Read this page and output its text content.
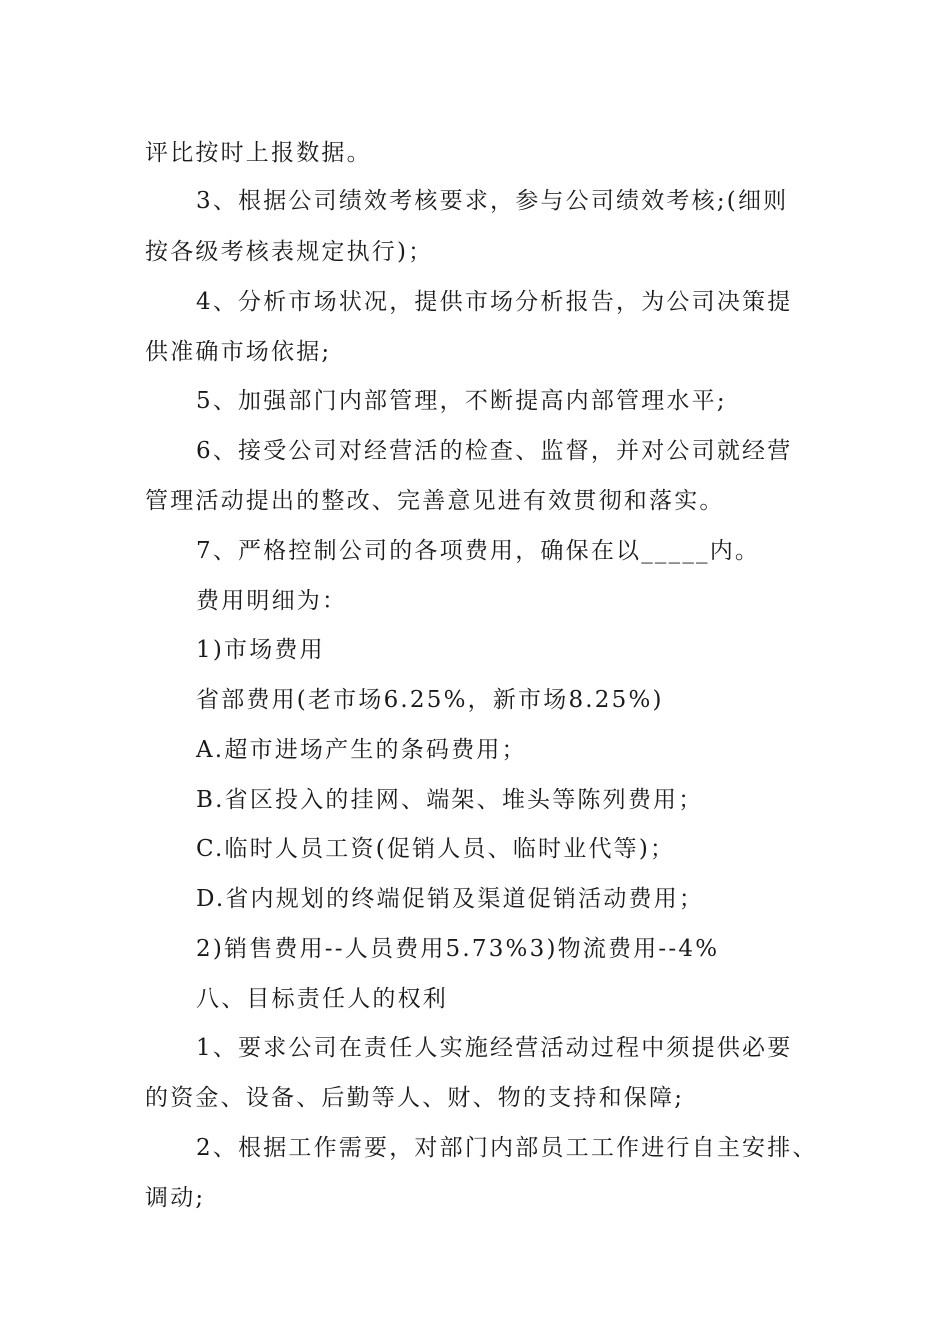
评比按时上报数据。
3、根据公司绩效考核要求，参与公司绩效考核;(细则
按各级考核表规定执行)；
4、分析市场状况，提供市场分析报告，为公司决策提
供准确市场依据;
5、加强部门内部管理，不断提高内部管理水平;
6、接受公司对经营活的检查、监督，并对公司就经营
管理活动提出的整改、完善意见进有效贯彻和落实。
7、严格控制公司的各项费用，确保在以_____内。
费用明细为：
1)市场费用
省部费用(老市场6.25%，新市场8.25%)
A.超市进场产生的条码费用；
B.省区投入的挂网、端架、堆头等陈列费用；
C.临时人员工资(促销人员、临时业代等)；
D.省内规划的终端促销及渠道促销活动费用；
2)销售费用--人员费用5.73%3)物流费用--4%
八、目标责任人的权利
1、要求公司在责任人实施经营活动过程中须提供必要
的资金、设备、后勤等人、财、物的支持和保障;
2、根据工作需要，对部门内部员工工作进行自主安排、
调动;
